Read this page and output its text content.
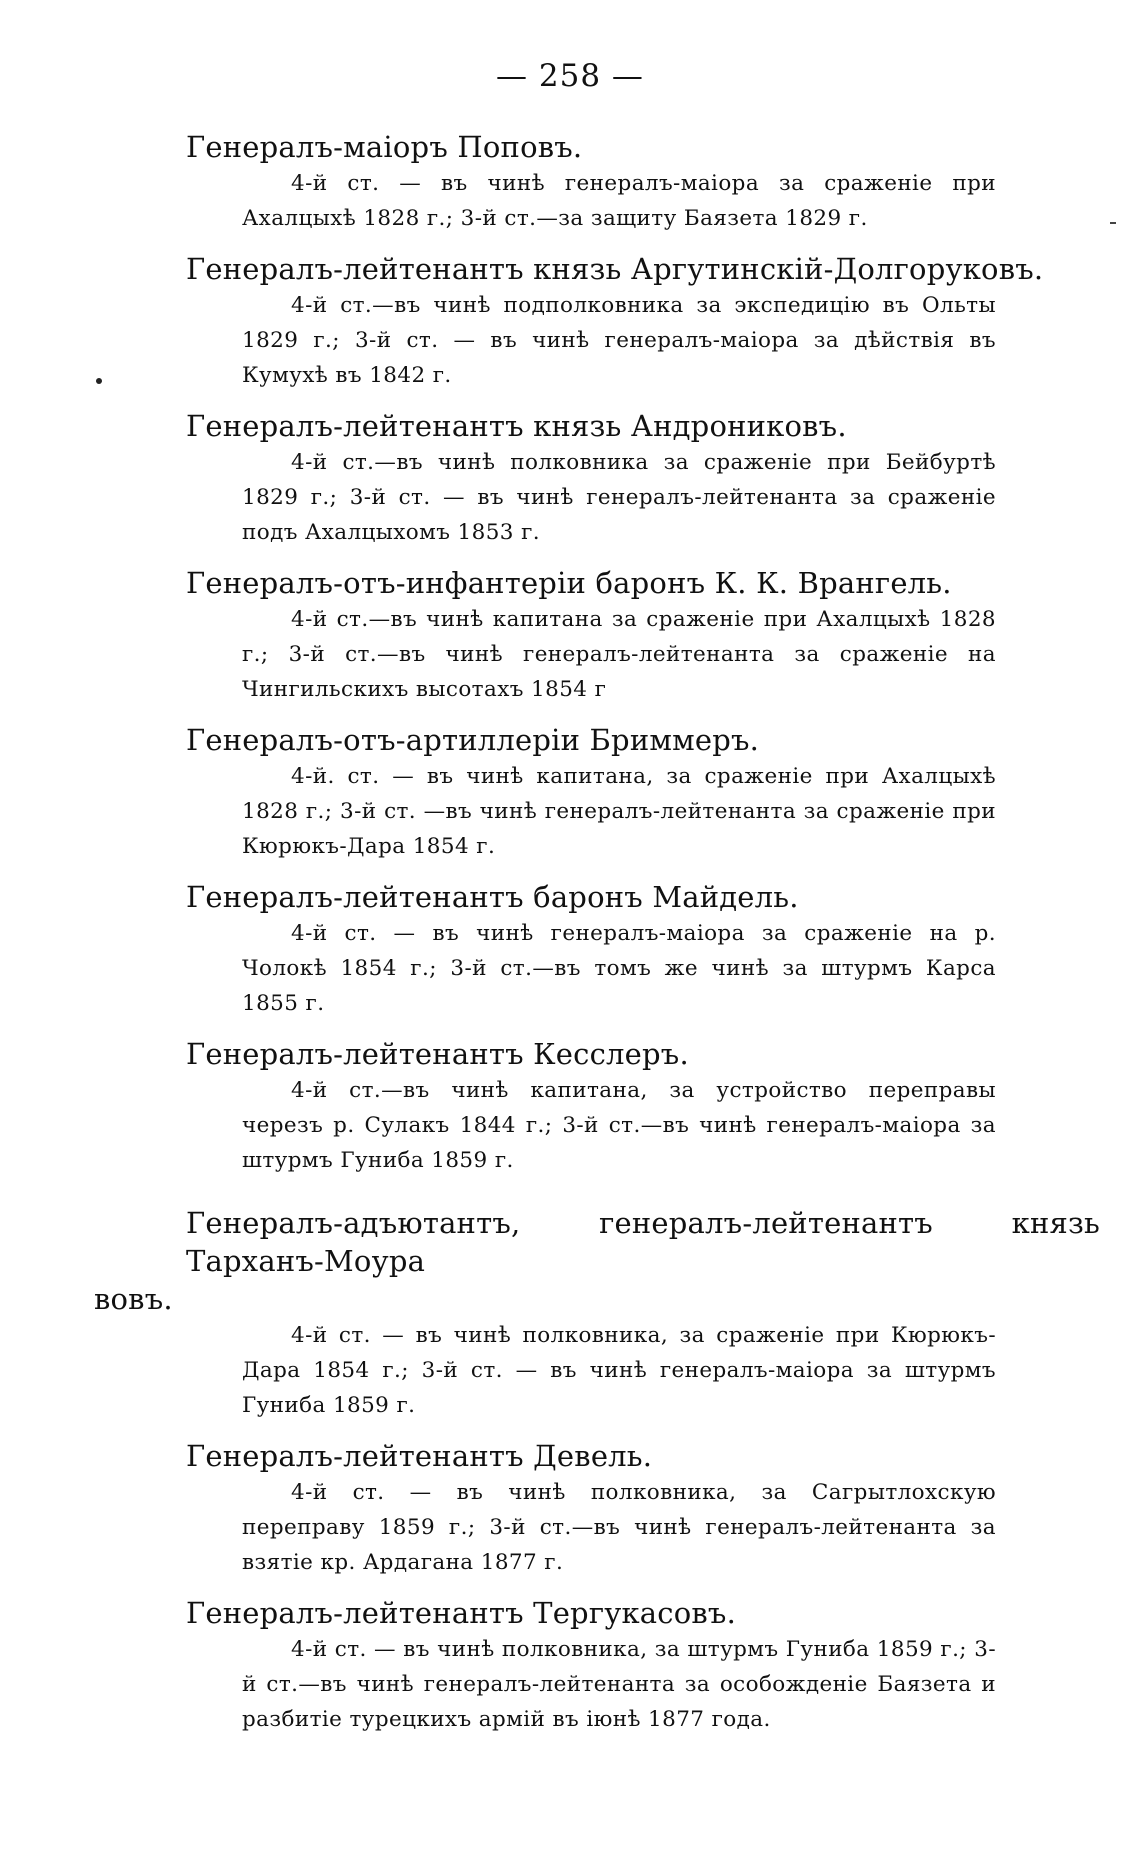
— 258 —
Генералъ-маіоръ Поповъ.
4-й ст. — въ чинѣ генералъ-маіора за сраженіе при Ахалцыхѣ 1828 г.; 3-й ст.—за защиту Баязета 1829 г.
Генералъ-лейтенантъ князь Аргутинскій-Долгоруковъ.
4-й ст.—въ чинѣ подполковника за экспедицію въ Ольты 1829 г.; 3-й ст. — въ чинѣ генералъ-маіора за дѣйствія въ Кумухѣ въ 1842 г.
Генералъ-лейтенантъ князь Андрониковъ.
4-й ст.—въ чинѣ полковника за сраженіе при Бейбуртѣ 1829 г.; 3-й ст. — въ чинѣ генералъ-лейтенанта за сраженіе подъ Ахалцыхомъ 1853 г.
Генералъ-отъ-инфантеріи баронъ К. К. Врангель.
4-й ст.—въ чинѣ капитана за сраженіе при Ахалцыхѣ 1828 г.; 3-й ст.—въ чинѣ генералъ-лейтенанта за сраженіе на Чингильскихъ высотахъ 1854 г
Генералъ-отъ-артиллеріи Бриммеръ.
4-й. ст. — въ чинѣ капитана, за сраженіе при Ахалцыхѣ 1828 г.; 3-й ст. —въ чинѣ генералъ-лейтенанта за сраженіе при Кюрюкъ-Дара 1854 г.
Генералъ-лейтенантъ баронъ Майдель.
4-й ст. — въ чинѣ генералъ-маіора за сраженіе на р. Чолокѣ 1854 г.; 3-й ст.—въ томъ же чинѣ за штурмъ Карса 1855 г.
Генералъ-лейтенантъ Кесслеръ.
4-й ст.—въ чинѣ капитана, за устройство переправы черезъ р. Сулакъ 1844 г.; 3-й ст.—въ чинѣ генералъ-маіора за штурмъ Гуниба 1859 г.
Генералъ-адъютантъ, генералъ-лейтенантъ князь Тарханъ-Моура
вовъ.
4-й ст. — въ чинѣ полковника, за сраженіе при Кюрюкъ-Дара 1854 г.; 3-й ст. — въ чинѣ генералъ-маіора за штурмъ Гуниба 1859 г.
Генералъ-лейтенантъ Девель.
4-й ст. — въ чинѣ полковника, за Сагрытлохскую переправу 1859 г.; 3-й ст.—въ чинѣ генералъ-лейтенанта за взятіе кр. Ардагана 1877 г.
Генералъ-лейтенантъ Тергукасовъ.
4-й ст. — въ чинѣ полковника, за штурмъ Гуниба 1859 г.; 3-й ст.—въ чинѣ генералъ-лейтенанта за особожденіе Баязета и разбитіе турецкихъ армій въ іюнѣ 1877 года.
